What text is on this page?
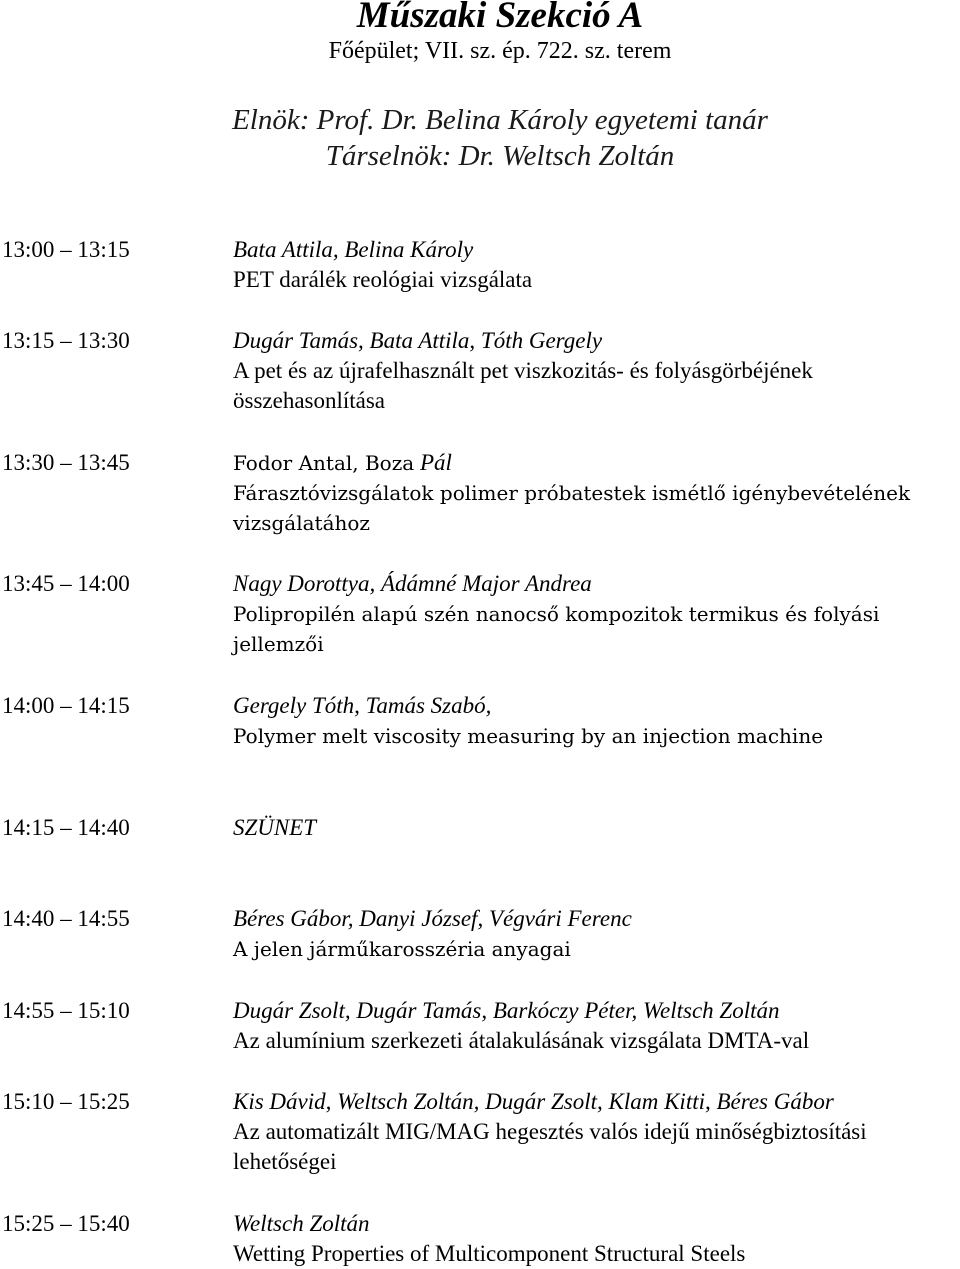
Műszaki Szekció A
Főépület; VII. sz. ép. 722. sz. terem
Elnök: Prof. Dr. Belina Károly egyetemi tanár
Társelnök: Dr. Weltsch Zoltán
13:00 – 13:15	Bata Attila, Belina Károly
PET darálék reológiai vizsgálata
13:15 – 13:30	Dugár Tamás, Bata Attila, Tóth Gergely
A pet és az újrafelhasznált pet viszkozitás- és folyásgörbéjének összehasonlítása
13:30 – 13:45	Fodor Antal, Boza Pál
Fárasztóvizsgálatok polimer próbatestek ismétlő igénybevételének vizsgálatához
13:45 – 14:00	Nagy Dorottya, Ádámné Major Andrea
Polipropilén alapú szén nanocső kompozitok termikus és folyási jellemzői
14:00 – 14:15	Gergely Tóth, Tamás Szabó,
Polymer melt viscosity measuring by an injection machine
14:15 – 14:40	SZÜNET
14:40 – 14:55	Béres Gábor, Danyi József, Végvári Ferenc
A jelen járműkarosszéria anyagai
14:55 – 15:10	Dugár Zsolt, Dugár Tamás, Barkóczy Péter, Weltsch Zoltán
Az alumínium szerkezeti átalakulásának vizsgálata DMTA-val
15:10 – 15:25	Kis Dávid, Weltsch Zoltán, Dugár Zsolt, Klam Kitti, Béres Gábor
Az automatizált MIG/MAG hegesztés valós idejű minőségbiztosítási lehetőségei
15:25 – 15:40	Weltsch Zoltán
Wetting Properties of Multicomponent Structural Steels
